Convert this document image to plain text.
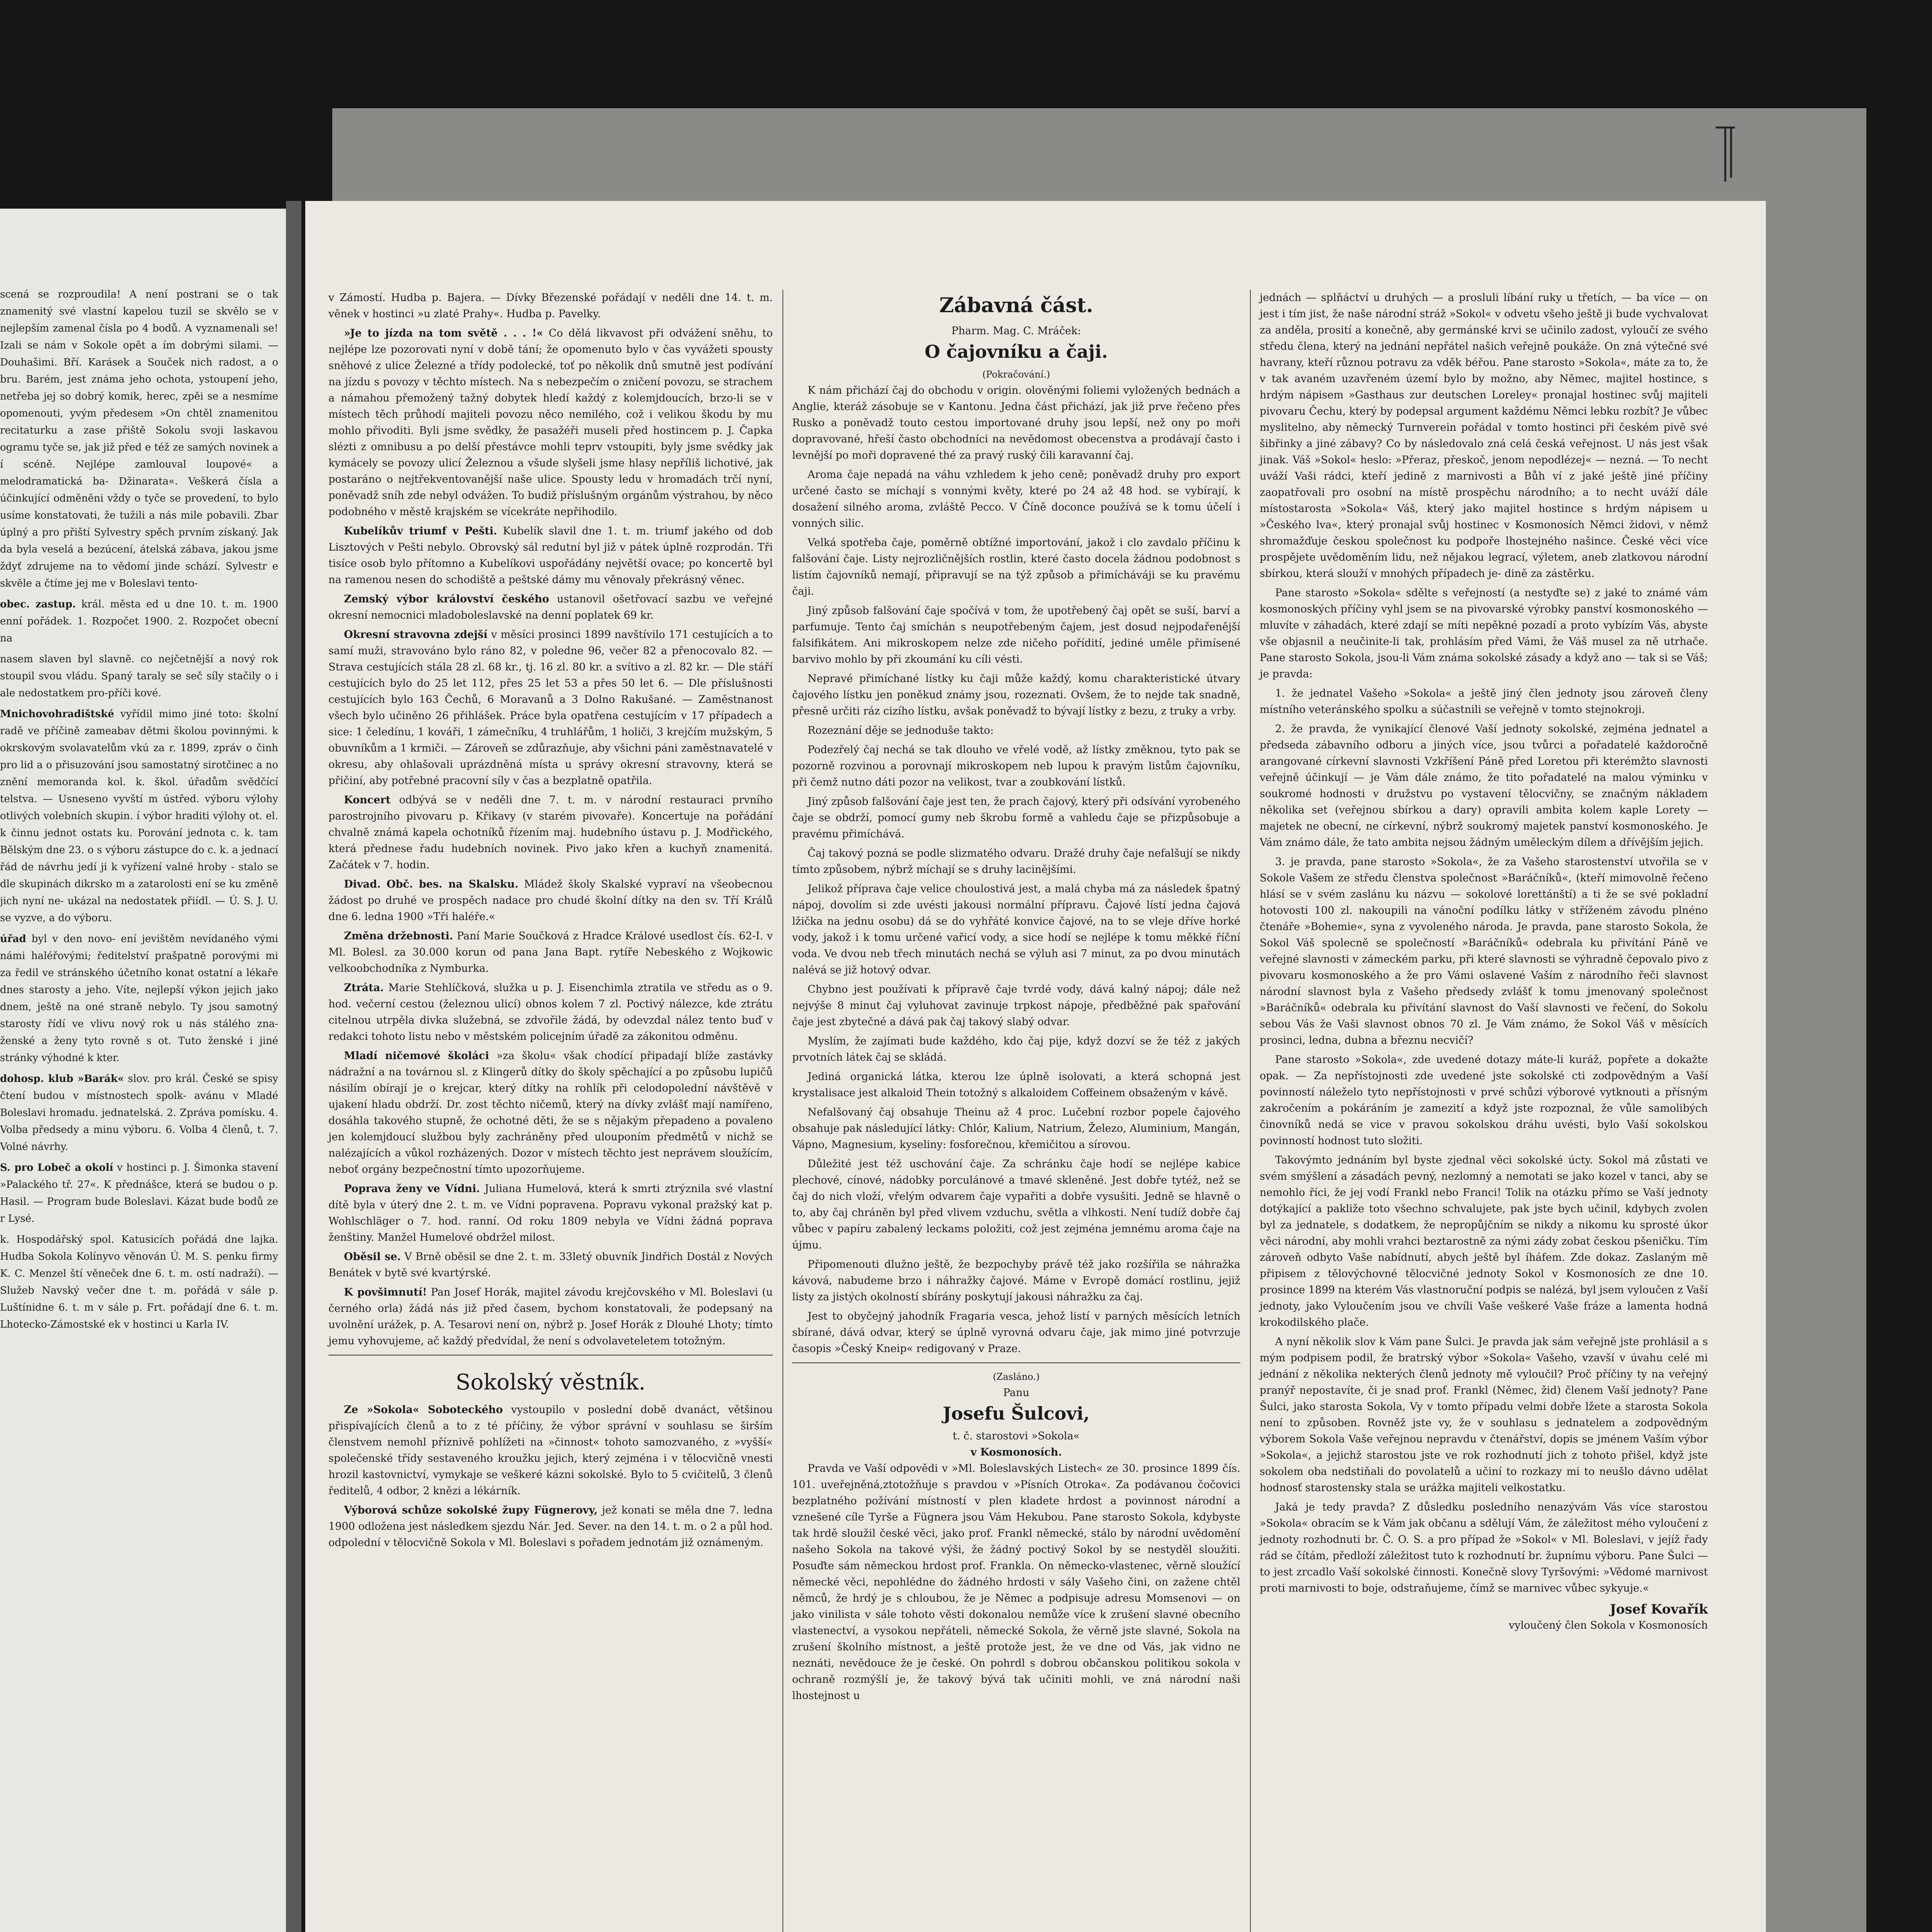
scená se rozproudila! A není postrani se o tak znamenitý své vlastní kapelou tuzil se skvělo se v nejlepším zamenal čísla po 4 bodů. A vyznamenali se! Izali se nám v Sokole opět a ím dobrými silami. — Douhašimi. Bří. Karásek a Souček nich radost, a o bru. Barém, jest známa jeho ochota, ystoupení jeho, netřeba jej so dobrý komik, herec, zpěi se a nesmíme opomenouti, yvým předesem »On chtěl znamenitou recitaturku a zase přiště Sokolu svoji laskavou ogramu tyče se, jak již před e též ze samých novinek a í scéně. Nejlépe zamlouval loupové« a melodramatická ba- Džinarata«. Veškerá čísla a účinkující odměněni vždy o tyče se provedení, to bylo usíme konstatovati, že tužili a nás mile pobavili. Zbar úplný a pro přiští Sylvestry spěch prvním získaný. Jak da byla veselá a bezúcení, átelská zábava, jakou jsme ždyť zdrujeme na to vědomí jinde schází. Sylvestr e skvěle a čtíme jej me v Boleslavi tento-

obec. zastup. král. města ed u dne 10. t. m. 1900 enní pořádek. 1. Rozpočet 1900. 2. Rozpočet obecní na

nasem slaven byl slavně. co nejčetnější a nový rok stoupil svou vládu. Spaný taraly se seč síly stačily o i ale nedostatkem pro-příči kové.

Mnichovohradištské vyřídil mimo jiné toto: školní radě ve příčině zameabav dětmi školou povinnými. k okrskovým svolavatelům vkú za r. 1899, zpráv o činh pro lid a o přisuzování jsou samostatný sirotčinec a no znění memoranda kol. k. škol. úřadům svědčící telstva. — Usneseno vyvští m ústřed. výboru výlohy otlivých volebních skupin. í výbor hraditi výlohy ot. el. k činnu jednot ostats ku. Porování jednota c. k. tam Bělským dne 23. o s výboru zástupce do c. k. a jednací řád de návrhu jedí ji k vyřízení valné hroby - stalo se dle skupinách dikrsko m a zatarolosti ení se ku změně jich nyní ne- ukázal na nedostatek přiídl. — Ú. S. J. U. se vyzve, a do výboru.

úřad byl v den novo- ení jevištěm nevídaného vými námi haléřovými; ředitelství prašpatně porovými mi za ředil ve stránského účetního konat ostatní a lékaře dnes starosty a jeho. Víte, nejlepší výkon jejich jako dnem, ještě na oné straně nebylo. Ty jsou samotný starosty řídí ve vlivu nový rok u nás stálého zna- ženské a ženy tyto rovně s ot. Tuto ženské i jiné stránky výhodné k kter.

dohosp. klub »Barák« slov. pro král. České se spisy čtení budou v místnostech spolk- avánu v Mladé Boleslavi hromadu. jednatelská. 2. Zpráva pomísku. 4. Volba předsedy a minu výboru. 6. Volba 4 členů, t. 7. Volné návrhy.

S. pro Lobeč a okolí v hostinci p. J. Šimonka stavení »Palackého tř. 27«. K přednášce, která se budou o p. Hasil. — Program bude Boleslavi. Kázat bude bodů ze r Lysé.

k. Hospodářský spol. Katusicích pořádá dne lajka. Hudba Sokola Kolínyvo věnován Ú. M. S. penku firmy K. C. Menzel ští věneček dne 6. t. m. ostí nadraží). — Služeb Navský večer dne t. m. pořádá v sále p. Luštínidne 6. t. m v sále p. Frt. pořádají dne 6. t. m. Lhotecko-Zámostské ek v hostinci u Karla IV.

v Zámostí. Hudba p. Bajera. — Dívky Březenské pořádají v neděli dne 14. t. m. věnek v hostinci »u zlaté Prahy«. Hudba p. Pavelky.

»Je to jízda na tom světě . . . !« Co dělá likvavost při odvážení sněhu, to nejlépe lze pozorovati nyní v době tání; že opomenuto bylo v čas vyvážeti spousty sněhové z ulice Železné a třídy podolecké, toť po několik dnů smutně jest podívání na jízdu s povozy v těchto místech. Na s nebezpečím o zničení povozu, se strachem a námahou přemožený tažný dobytek hledí každý z kolemjdoucích, brzo-li se v místech těch průhodí majiteli povozu něco nemilého, což i velikou škodu by mu mohlo přivoditi. Byli jsme svědky, že pasažéři museli před hostincem p. J. Čapka slézti z omnibusu a po delší přestávce mohli teprv vstoupiti, byly jsme svědky jak kymácely se povozy ulicí Železnou a všude slyšeli jsme hlasy nepříliš lichotivé, jak postaráno o nejtřekventovanější naše ulice. Spousty ledu v hromadách trčí nyní, poněvadž sníh zde nebyl odvážen. To budiž příslušným orgánům výstrahou, by něco podobného v městě krajském se vícekráte nepřihodilo.

Kubelíkův triumf v Pešti. Kubelík slavil dne 1. t. m. triumf jakého od dob Lisztových v Pešti nebylo. Obrovský sál redutní byl již v pátek úplně rozprodán. Tři tisíce osob bylo přítomno a Kubelíkovi uspořádány největší ovace; po koncertě byl na ramenou nesen do schodiště a peštské dámy mu věnovaly překrásný věnec.

Zemský výbor království českého ustanovil ošetřovací sazbu ve veřejné okresní nemocnici mladoboleslavské na denní poplatek 69 kr.

Okresní stravovna zdejší v měsíci prosinci 1899 navštívilo 171 cestujících a to samí muži, stravováno bylo ráno 82, v poledne 96, večer 82 a přenocovalo 82. — Strava cestujících stála 28 zl. 68 kr., tj. 16 zl. 80 kr. a svítivo a zl. 82 kr. — Dle stáří cestujících bylo do 25 let 112, přes 25 let 53 a přes 50 let 6. — Dle příslušnosti cestujících bylo 163 Čechů, 6 Moravanů a 3 Dolno Rakušané. — Zaměstnanost všech bylo učiněno 26 přihlášek. Práce byla opatřena cestujícím v 17 případech a sice: 1 čeledínu, 1 kováři, 1 zámečníku, 4 truhlářům, 1 holiči, 3 krejčím mužským, 5 obuvníkům a 1 krmiči. — Zároveň se zdůrazňuje, aby všichni páni zaměstnavatelé v okresu, aby ohlašovali uprázdněná místa u správy okresní stravovny, která se přičiní, aby potřebné pracovní síly v čas a bezplatně opatřila.

Koncert odbývá se v neděli dne 7. t. m. v národní restauraci prvního parostrojního pivovaru p. Křikavy (v starém pivovaře). Koncertuje na pořádání chvalně známá kapela ochotníků řízením maj. hudebního ústavu p. J. Modřického, která přednese řadu hudebních novinek. Pivo jako křen a kuchyň znamenitá. Začátek v 7. hodin.

Divad. Obč. bes. na Skalsku. Mládež školy Skalské vypraví na všeobecnou žádost po druhé ve prospěch nadace pro chudé školní dítky na den sv. Tří Králů dne 6. ledna 1900 »Tři haléře.«

Změna držebnosti. Paní Marie Součková z Hradce Králové usedlost čís. 62-I. v Ml. Bolesl. za 30.000 korun od pana Jana Bapt. rytíře Nebeského z Wojkowic velkoobchodníka z Nymburka.

Ztráta. Marie Stehlíčková, služka u p. J. Eisenchimla ztratila ve středu as o 9. hod. večerní cestou (železnou ulicí) obnos kolem 7 zl. Poctivý nálezce, kde ztrátu citelnou utrpěla divka služebná, se zdvořile žádá, by odevzdal nález tento buď v redakci tohoto listu nebo v městském policejním úřadě za zákonitou odměnu.

Mladí ničemové školáci »za školu« však chodící připadají blíže zastávky nádražní a na továrnou sl. z Klingerů dítky do školy spěchající a po způsobu lupičů násilím obírají je o krejcar, který dítky na rohlík při celodopolední návštěvě v ujakení hladu obdrží. Dr. zost těchto ničemů, který na dívky zvlášť mají namířeno, dosáhla takového stupně, že ochotné děti, že se s nějakým přepadeno a povaleno jen kolemjdoucí službou byly zachráněny před ulouponím předmětů v nichž se nalézajících a vůkol rozházených. Dozor v místech těchto jest neprávem sloužícím, neboť orgány bezpečnostní tímto upozorňujeme.

Poprava ženy ve Vídni. Juliana Humelová, která k smrti ztrýznila své vlastní dítě byla v úterý dne 2. t. m. ve Vídni popravena. Popravu vykonal pražský kat p. Wohlschläger o 7. hod. ranní. Od roku 1809 nebyla ve Vídni žádná poprava ženštiny. Manžel Humelové obdržel milost.

Oběsil se. V Brně oběsil se dne 2. t. m. 33letý obuvník Jindřich Dostál z Nových Benátek v bytě své kvartýrské.

K povšimnutí! Pan Josef Horák, majitel závodu krejčovského v Ml. Boleslavi (u černého orla) žádá nás již před časem, bychom konstatovali, že podepsaný na uvolnění urážek, p. A. Tesarovi není on, nýbrž p. Josef Horák z Dlouhé Lhoty; tímto jemu vyhovujeme, ač každý předvídal, že není s odvolaveteletem totožným.

Sokolský věstník.

Ze »Sokola« Soboteckého vystoupilo v poslední době dvanáct, většinou přispívajících členů a to z té příčiny, že výbor správní v souhlasu se širším členstvem nemohl příznivě pohlížeti na »činnost« tohoto samozvaného, z »vyšší« společenské třídy sestaveného kroužku jejich, který zejména i v tělocvičně vnesti hrozil kastovnictví, vymykaje se veškeré kázni sokolské. Bylo to 5 cvičitelů, 3 členů ředitelů, 4 odbor, 2 knězi a lékárník.

Výborová schůze sokolské župy Fügnerovy, jež konati se měla dne 7. ledna 1900 odložena jest následkem sjezdu Nár. Jed. Sever. na den 14. t. m. o 2 a půl hod. odpolední v tělocvičně Sokola v Ml. Boleslavi s pořadem jednotám již oznámeným.

Zábavná část.
Pharm. Mag. C. Mráček:
O čajovníku a čaji.
(Pokračování.)

K nám přichází čaj do obchodu v origin. olověnými foliemi vyložených bednách a Anglie, kteráž zásobuje se v Kantonu. Jedna část přichází, jak již prve řečeno přes Rusko a poněvadž touto cestou importované druhy jsou lepší, než ony po moři dopravované, hřeší často obchodníci na nevědomost obecenstva a prodávají často i levnější po moři dopravené thé za pravý ruský čili karavanní čaj.

Aroma čaje nepadá na váhu vzhledem k jeho ceně; poněvadž druhy pro export určené často se míchají s vonnými květy, které po 24 až 48 hod. se vybírají, k dosažení silného aroma, zvláště Pecco. V Číně doconce používá se k tomu účelí i vonných silic.

Velká spotřeba čaje, poměrně obtížné importování, jakož i clo zavdalo příčinu k falšování čaje. Listy nejrozličnějších rostlin, které často docela žádnou podobnost s listím čajovníků nemají, připravují se na týž způsob a přimícháváji se ku pravému čaji.

Jiný způsob falšování čaje spočívá v tom, že upotřebený čaj opět se suší, barví a parfumuje. Tento čaj smíchán s neupotřebeným čajem, jest dosud nejpodařenější falsifikátem. Ani mikroskopem nelze zde ničeho pořídití, jediné uměle přimísené barvivo mohlo by při zkoumání ku cíli vésti.

Nepravé přimíchané lístky ku čaji může každý, komu charakteristické útvary čajového lístku jen poněkud známy jsou, rozeznati. Ovšem, že to nejde tak snadně, přesně určiti ráz cizího lístku, avšak poněvadž to bývají lístky z bezu, z truky a vrby.

Rozeznání děje se jednoduše takto:

Podezřelý čaj nechá se tak dlouho ve vřelé vodě, až lístky změknou, tyto pak se pozorně rozvinou a porovnají mikroskopem neb lupou k pravým listům čajovníku, při čemž nutno dáti pozor na velikost, tvar a zoubkování lístků.

Jiný způsob falšování čaje jest ten, že prach čajový, který při odsívání vyrobeného čaje se obdrží, pomocí gumy neb škrobu formě a vahledu čaje se přizpůsobuje a pravému přimíchává.

Čaj takový pozná se podle slizmatého odvaru. Dražé druhy čaje nefalšují se nikdy tímto způsobem, nýbrž míchají se s druhy lacinějšími.

Jelikož příprava čaje velice choulostivá jest, a malá chyba má za následek špatný nápoj, dovolím si zde uvésti jakousi normální přípravu. Čajové lístí jedna čajová lžička na jednu osobu) dá se do vyhřáté konvice čajové, na to se vleje dříve horké vody, jakož i k tomu určené vařicí vody, a sice hodí se nejlépe k tomu měkké říční voda. Ve dvou neb třech minutách nechá se výluh asi 7 minut, za po dvou minutách nalévá se již hotový odvar.

Chybno jest používati k přípravě čaje tvrdé vody, dává kalný nápoj; dále než nejvýše 8 minut čaj vyluhovat zavinuje trpkost nápoje, předběžné pak spařování čaje jest zbytečné a dává pak čaj takový slabý odvar.

Myslím, že zajímati bude každého, kdo čaj pije, když dozví se že též z jakých prvotních látek čaj se skládá.

Jediná organická látka, kterou lze úplně isolovati, a která schopná jest krystalisace jest alkaloid Thein totožný s alkaloidem Coffeinem obsaženým v kávě.

Nefalšovaný čaj obsahuje Theinu až 4 proc. Lučební rozbor popele čajového obsahuje pak následující látky: Chlór, Kalium, Natrium, Železo, Aluminium, Mangán, Vápno, Magnesium, kyseliny: fosforečnou, křemičitou a sírovou.

Důležité jest též uschování čaje. Za schránku čaje hodí se nejlépe kabice plechové, cínové, nádobky porculánové a tmavé skleněné. Jest dobře tytéž, než se čaj do nich vloží, vřelým odvarem čaje vypařiti a dobře vysušiti. Jedně se hlavně o to, aby čaj chráněn byl před vlivem vzduchu, světla a vlhkosti. Není tudíž dobře čaj vůbec v papíru zabalený leckams položiti, což jest zejména jemnému aroma čaje na újmu.

Připomenouti dlužno ještě, že bezpochyby právě též jako rozšířila se náhražka kávová, nabudeme brzo i náhražky čajové. Máme v Evropě domácí rostlinu, jejiž listy za jistých okolností sbírány poskytují jakousi náhražku za čaj.

Jest to obyčejný jahodník Fragaria vesca, jehož listí v parných měsících letních sbírané, dává odvar, který se úplně vyrovná odvaru čaje, jak mimo jiné potvrzuje časopis »Český Kneip« redigovaný v Praze.

(Zasláno.)
Panu
Josefu Šulcovi,
t. č. starostovi »Sokola«
v Kosmonosích.

Pravda ve Vaší odpovědi v »Ml. Boleslavských Listech« ze 30. prosince 1899 čís. 101. uveřejněná,ztotožňuje s pravdou v »Písních Otroka«. Za podávanou čočovici bezplatného požívání místností v plen kladete hrdost a povinnost národní a vznešené cíle Tyrše a Fügnera jsou Vám Hekubou. Pane starosto Sokola, kdybyste tak hrdě sloužil české věci, jako prof. Frankl německé, stálo by národní uvědomění našeho Sokola na takové výši, že žádný poctivý Sokol by se nestyděl sloužiti. Posuďte sám německou hrdost prof. Frankla. On německo-vlastenec, věrně sloužící německé věci, nepohlédne do žádného hrdosti v sály Vašeho čini, on zažene chtěl němců, že hrdý je s chloubou, že je Němec a podpisuje adresu Momsenovi — on jako vinilista v sále tohoto věsti dokonalou nemůže více k zrušení slavné obecního vlastenectví, a vysokou nepřáteli, německé Sokola, že věrně jste slavné, Sokola na zrušení školního místnost, a ještě protože jest, že ve dne od Vás, jak vidno ne neznáti, nevědouce že je české. On pohrdl s dobrou občanskou politikou sokola v ochraně rozmýšlí je, že takový bývá tak učiniti mohli, ve zná národní naši lhostejnost u

jednách — splňáctví u druhých — a prosluli líbání ruky u třetích, — ba více — on jest i tím jist, že naše národní stráž »Sokol« v odvetu všeho ještě ji bude vychvalovat za anděla, prosití a konečně, aby germánské krvi se učinilo zadost, vyloučí ze svého středu člena, který na jednání nepřátel našich veřejně poukáže. On zná výtečné své havrany, kteří různou potravu za vděk béřou. Pane starosto »Sokola«, máte za to, že v tak avaném uzavřeném území bylo by možno, aby Němec, majitel hostince, s hrdým nápisem »Gasthaus zur deutschen Loreley« pronajal hostinec svůj majiteli pivovaru Čechu, který by podepsal argument každému Němci lebku rozbít? Je vůbec myslitelno, aby německý Turnverein pořádal v tomto hostinci při českém pivě své šibřinky a jiné zábavy? Co by následovalo zná celá česká veřejnost. U nás jest však jinak. Váš »Sokol« heslo: »Přeraz, přeskoč, jenom nepodlézej« — nezná. — To necht uváží Vaši rádci, kteří jedině z marnivosti a Bůh ví z jaké ještě jiné příčiny zaopatřovali pro osobní na místě prospěchu národního; a to necht uváží dále místostarosta »Sokola« Váš, který jako majitel hostince s hrdým nápisem u »Českého lva«, který pronajal svůj hostinec v Kosmonosích Němci židovi, v němž shromažďuje českou společnost ku podpoře lhostejného našince. České věci více prospějete uvědoměním lidu, než nějakou legrací, výletem, aneb zlatkovou národní sbírkou, která slouží v mnohých případech je- dině za zástěrku.

Pane starosto »Sokola« sdělte s veřejností (a nestyďte se) z jaké to známé vám kosmonoských příčiny vyhl jsem se na pivovarské výrobky panství kosmonoského — mluvíte v záhadách, které zdají se míti nepěkné pozadí a proto vybízím Vás, abyste vše objasnil a neučinite-li tak, prohlásím před Vámi, že Váš musel za ně utrhače. Pane starosto Sokola, jsou-li Vám známa sokolské zásady a když ano — tak si se Váš; je pravda:

1. že jednatel Vašeho »Sokola« a ještě jiný člen jednoty jsou zároveň členy místního veteránského spolku a súčastnili se veřejně v tomto stejnokroji.

2. že pravda, že vynikající členové Vaší jednoty sokolské, zejména jednatel a předseda zábavního odboru a jiných více, jsou tvůrci a pořadatelé každoročně arangované církevní slavnosti Vzkříšení Páně před Loretou při kterémžto slavnosti veřejně účinkují — je Vám dále známo, že tito pořadatelé na malou výminku v soukromé hodnosti v družstvu po vystavení tělocvičny, se značným nákladem několika set (veřejnou sbírkou a dary) opravili ambita kolem kaple Lorety — majetek ne obecní, ne církevní, nýbrž soukromý majetek panství kosmonoského. Je Vám známo dále, že tato ambita nejsou žádným uměleckým dílem a dřívějším jejich.

3. je pravda, pane starosto »Sokola«, že za Vašeho starostenství utvořila se v Sokole Vašem ze středu členstva společnost »Baráčníků«, (kteří mimovolně řečeno hlásí se v svém zaslánu ku názvu — sokolové lorettánští) a ti že se své pokladní hotovosti 100 zl. nakoupili na vánoční podílku látky v stříženém závodu plnéno čtenáře »Bohemie«, syna z vyvoleného národa. Je pravda, pane starosto Sokola, že Sokol Váš spolecně se společností »Baráčníků« odebrala ku přivítání Páně ve veřejné slavnosti v zámeckém parku, při které slavnosti se výhradně čepovalo pivo z pivovaru kosmonoského a že pro Vámi oslavené Vaším z národního řeči slavnost národní slavnost byla z Vašeho předsedy zvlášť k tomu jmenovaný společnost »Baráčníků« odebrala ku přivítání slavnost do Vaší slavnosti ve řečení, do Sokolu sebou Vás že Vaši slavnost obnos 70 zl. Je Vám známo, že Sokol Váš v měsících prosinci, ledna, dubna a březnu necvičí?

Pane starosto »Sokola«, zde uvedené dotazy máte-li kuráž, popřete a dokažte opak. — Za nepřístojnosti zde uvedené jste sokolské cti zodpovědným a Vaší povinností náleželo tyto nepřístojnosti v prvé schůzi výborové vytknouti a přísným zakročením a pokáráním je zamezití a když jste rozpoznal, že vůle samolibých činovníků nedá se vice v pravou sokolskou dráhu uvésti, bylo Vaší sokolskou povinností hodnost tuto složiti.

Takovýmto jednáním byl byste zjednal věci sokolské úcty. Sokol má zůstati ve svém smýšlení a zásadách pevný, nezlomný a nemotati se jako kozel v tanci, aby se nemohlo říci, že jej vodí Frankl nebo Franci! Tolik na otázku přímo se Vaší jednoty dotýkající a pakliže toto všechno schvalujete, pak jste bych učinil, kdybych zvolen byl za jednatele, s dodatkem, že nepropůjčním se nikdy a nikomu ku sprosté úkor věci národní, aby mohli vrahci beztarostně za nými zády zobat českou pšeničku. Tím zároveň odbyto Vaše nabídnutí, abych ještě byl íháfem. Zde dokaz. Zaslaným mě připisem z tělovýchovné tělocvičné jednoty Sokol v Kosmonosích ze dne 10. prosince 1899 na kterém Vás vlastnoruční podpis se nalézá, byl jsem vyloučen z Vaší jednoty, jako Vyloučením jsou ve chvíli Vaše veškeré Vaše fráze a lamenta hodná krokodilského plače.

A nyní několik slov k Vám pane Šulci. Je pravda jak sám veřejně jste prohlásil a s mým podpisem podil, že bratrský výbor »Sokola« Vašeho, vzavší v úvahu celé mi jednání z několika nekterých členů jednoty mě vyloučil? Proč příčiny ty na veřejný pranýř nepostavíte, či je snad prof. Frankl (Němec, žid) členem Vaší jednoty? Pane Šulci, jako starosta Sokola, Vy v tomto případu velmi dobře lžete a starosta Sokola není to způsoben. Rovněž jste vy, že v souhlasu s jednatelem a zodpovědným výborem Sokola Vaše veřejnou nepravdu v čtenářství, dopis se jménem Vaším výbor »Sokola«, a jejichž starostou jste ve rok rozhodnutí jich z tohoto přišel, když jste sokolem oba nedstiňali do povolatelů a učiní to rozkazy mi to neušlo dávno udělat hodnosť starostensky stala se urážka majiteli velkostatku.

Jaká je tedy pravda? Z důsledku posledního nenazývám Vás více starostou »Sokola« obracím se k Vám jak občanu a sdělují Vám, že záležitost mého vyloučení z jednoty rozhodnuti br. Č. O. S. a pro případ že »Sokol« v Ml. Boleslavi, v jejíž řady rád se čítám, předloží záležitost tuto k rozhodnutí br. župnímu výboru. Pane Šulci — to jest zrcadlo Vaší sokolské činnosti. Konečně slovy Tyršovými: »Vědomé marnivost proti marnivosti to boje, odstraňujeme, čímž se marnivec vůbec sykyuje.«

Josef Kovařík
vyloučený člen Sokola v Kosmonosích
